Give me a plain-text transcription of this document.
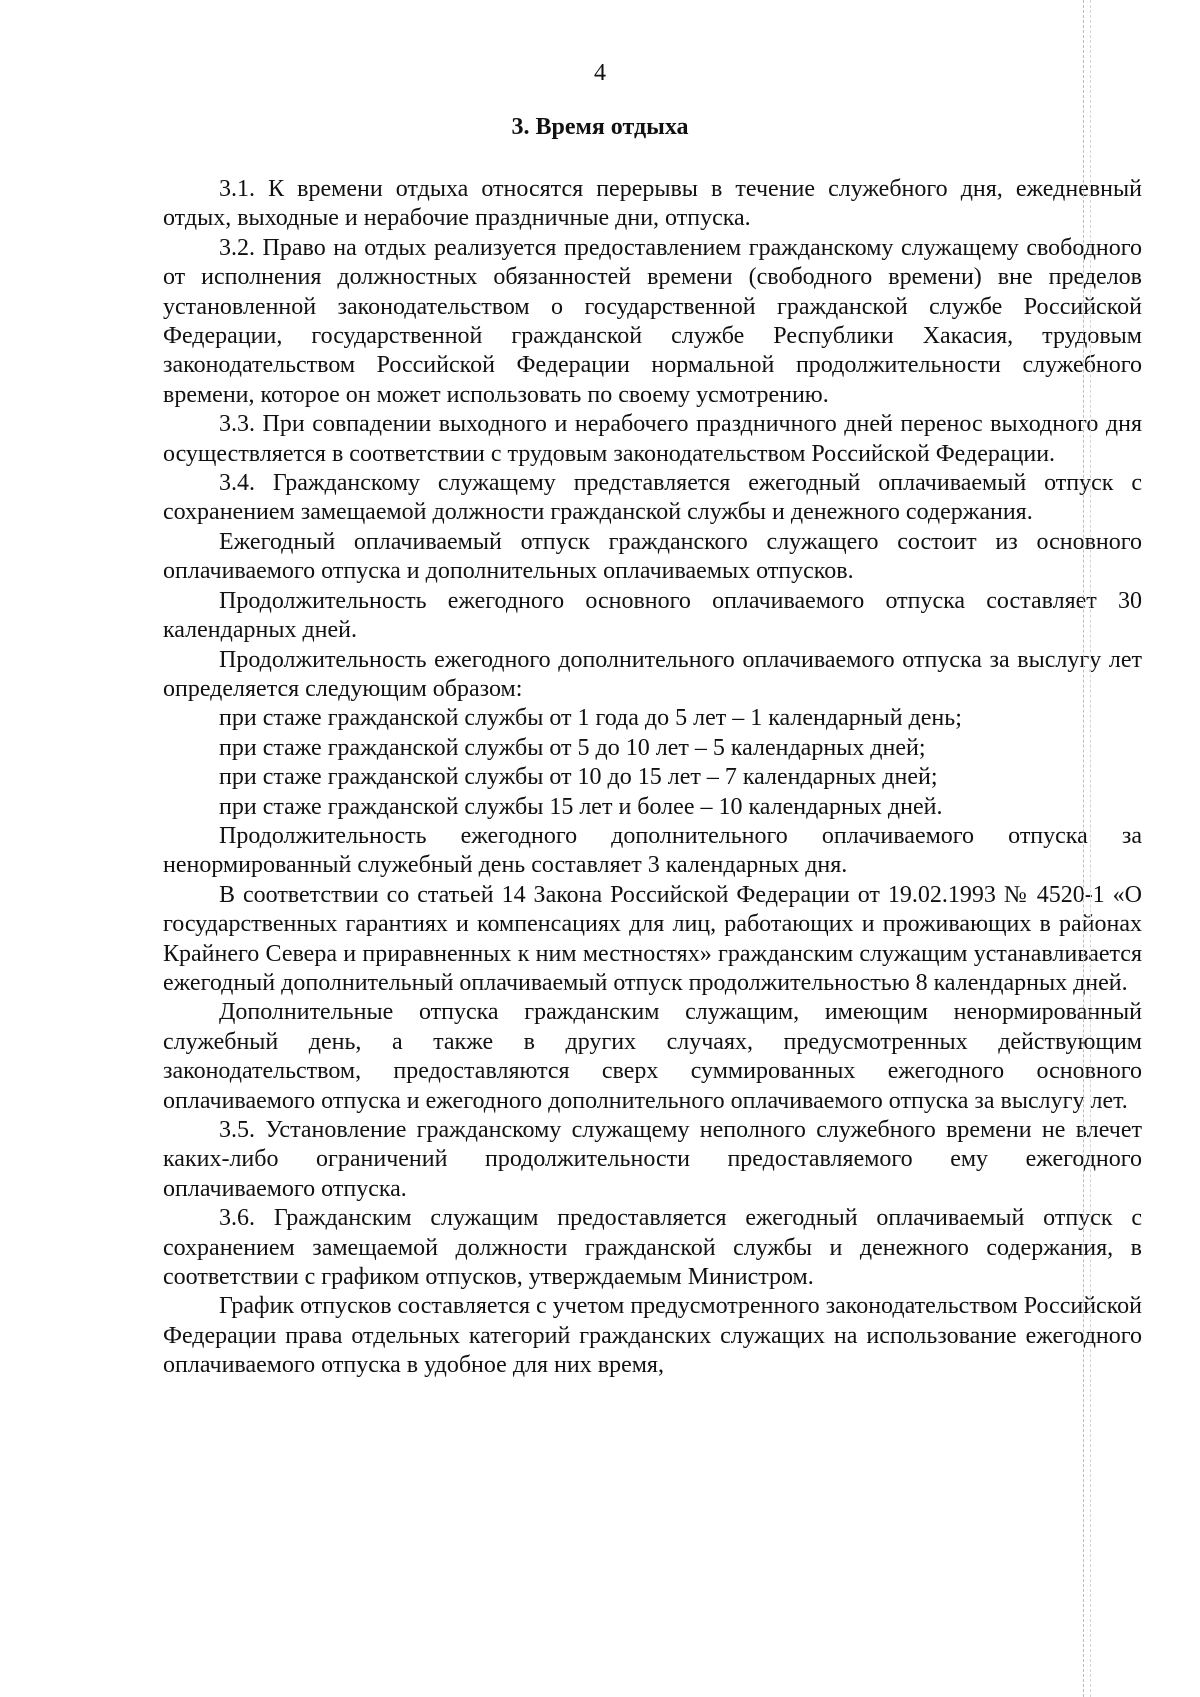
4
3. Время отдыха

3.1. К времени отдыха относятся перерывы в течение служебного дня, ежедневный отдых, выходные и нерабочие праздничные дни, отпуска.

3.2. Право на отдых реализуется предоставлением гражданскому служащему свободного от исполнения должностных обязанностей времени (свободного времени) вне пределов установленной законодательством о государственной гражданской службе Российской Федерации, государственной гражданской службе Республики Хакасия, трудовым законодательством Российской Федерации нормальной продолжительности служебного времени, которое он может использовать по своему усмотрению.

3.3. При совпадении выходного и нерабочего праздничного дней перенос выходного дня осуществляется в соответствии с трудовым законодательством Российской Федерации.

3.4. Гражданскому служащему представляется ежегодный оплачиваемый отпуск с сохранением замещаемой должности гражданской службы и денежного содержания.

Ежегодный оплачиваемый отпуск гражданского служащего состоит из основного оплачиваемого отпуска и дополнительных оплачиваемых отпусков.

Продолжительность ежегодного основного оплачиваемого отпуска составляет 30 календарных дней.

Продолжительность ежегодного дополнительного оплачиваемого отпуска за выслугу лет определяется следующим образом:

при стаже гражданской службы от 1 года до 5 лет – 1 календарный день;

при стаже гражданской службы от 5 до 10 лет – 5 календарных дней;

при стаже гражданской службы от 10 до 15 лет – 7 календарных дней;

при стаже гражданской службы 15 лет и более – 10 календарных дней.

Продолжительность ежегодного дополнительного оплачиваемого отпуска за ненормированный служебный день составляет 3 календарных дня.

В соответствии со статьей 14 Закона Российской Федерации от 19.02.1993 № 4520-1 «О государственных гарантиях и компенсациях для лиц, работающих и проживающих в районах Крайнего Севера и приравненных к ним местностях» гражданским служащим устанавливается ежегодный дополнительный оплачиваемый отпуск продолжительностью 8 календарных дней.

Дополнительные отпуска гражданским служащим, имеющим ненормированный служебный день, а также в других случаях, предусмотренных действующим законодательством, предоставляются сверх суммированных ежегодного основного оплачиваемого отпуска и ежегодного дополнительного оплачиваемого отпуска за выслугу лет.

3.5. Установление гражданскому служащему неполного служебного времени не влечет каких-либо ограничений продолжительности предоставляемого ему ежегодного оплачиваемого отпуска.

3.6. Гражданским служащим предоставляется ежегодный оплачиваемый отпуск с сохранением замещаемой должности гражданской службы и денежного содержания, в соответствии с графиком отпусков, утверждаемым Министром.

График отпусков составляется с учетом предусмотренного законодательством Российской Федерации права отдельных категорий гражданских служащих на использование ежегодного оплачиваемого отпуска в удобное для них время,
